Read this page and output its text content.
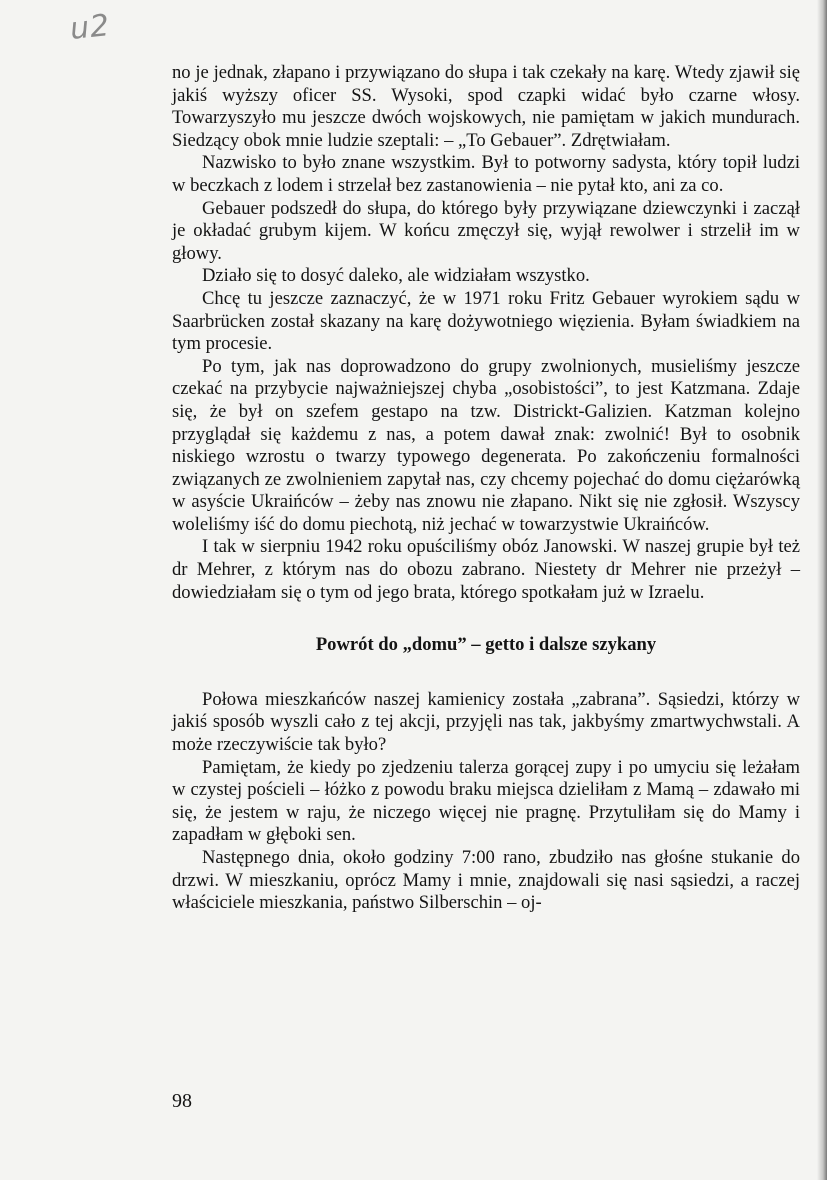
u2

no je jednak, złapano i przywiązano do słupa i tak czekały na karę. Wtedy zjawił się jakiś wyższy oficer SS. Wysoki, spod czapki widać było czarne włosy. Towarzyszyło mu jeszcze dwóch wojskowych, nie pamiętam w jakich mundurach. Siedzący obok mnie ludzie szeptali: – „To Gebauer”. Zdrętwiałam.

Nazwisko to było znane wszystkim. Był to potworny sadysta, który topił ludzi w beczkach z lodem i strzelał bez zastanowienia – nie pytał kto, ani za co.

Gebauer podszedł do słupa, do którego były przywiązane dziewczynki i zaczął je okładać grubym kijem. W końcu zmęczył się, wyjął rewolwer i strzelił im w głowy.

Działo się to dosyć daleko, ale widziałam wszystko.

Chcę tu jeszcze zaznaczyć, że w 1971 roku Fritz Gebauer wyrokiem sądu w Saarbrücken został skazany na karę dożywotniego więzienia. Byłam świadkiem na tym procesie.

Po tym, jak nas doprowadzono do grupy zwolnionych, musieliśmy jeszcze czekać na przybycie najważniejszej chyba „osobistości”, to jest Katzmana. Zdaje się, że był on szefem gestapo na tzw. Districkt-Galizien. Katzman kolejno przyglądał się każdemu z nas, a potem dawał znak: zwolnić! Był to osobnik niskiego wzrostu o twarzy typowego degenerata. Po zakończeniu formalności związanych ze zwolnieniem zapytał nas, czy chcemy pojechać do domu ciężarówką w asyście Ukraińców – żeby nas znowu nie złapano. Nikt się nie zgłosił. Wszyscy woleliśmy iść do domu piechotą, niż jechać w towarzystwie Ukraińców.

I tak w sierpniu 1942 roku opuściliśmy obóz Janowski. W naszej grupie był też dr Mehrer, z którym nas do obozu zabrano. Niestety dr Mehrer nie przeżył – dowiedziałam się o tym od jego brata, którego spotkałam już w Izraelu.

Powrót do „domu” – getto i dalsze szykany

Połowa mieszkańców naszej kamienicy została „zabrana”. Sąsiedzi, którzy w jakiś sposób wyszli cało z tej akcji, przyjęli nas tak, jakbyśmy zmartwychwstali. A może rzeczywiście tak było?

Pamiętam, że kiedy po zjedzeniu talerza gorącej zupy i po umyciu się leżałam w czystej pościeli – łóżko z powodu braku miejsca dzieliłam z Mamą – zdawało mi się, że jestem w raju, że niczego więcej nie pragnę. Przytuliłam się do Mamy i zapadłam w głęboki sen.

Następnego dnia, około godziny 7:00 rano, zbudziło nas głośne stukanie do drzwi. W mieszkaniu, oprócz Mamy i mnie, znajdowali się nasi sąsiedzi, a raczej właściciele mieszkania, państwo Silberschin – oj-

98
